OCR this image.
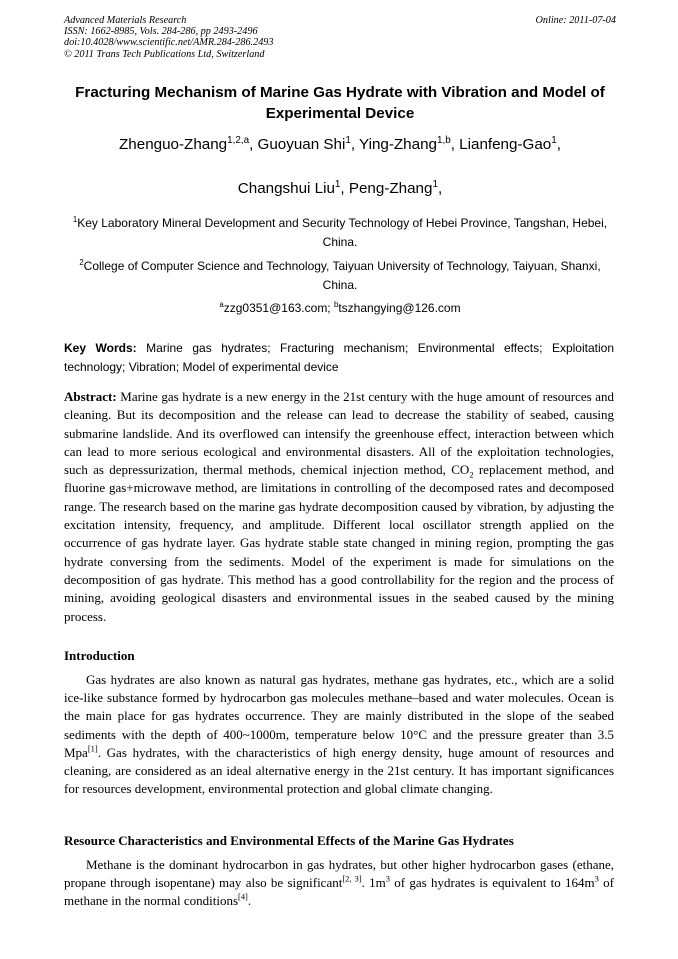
Advanced Materials Research
ISSN: 1662-8985, Vols. 284-286, pp 2493-2496
doi:10.4028/www.scientific.net/AMR.284-286.2493
© 2011 Trans Tech Publications Ltd, Switzerland
Online: 2011-07-04
Fracturing Mechanism of Marine Gas Hydrate with Vibration and Model of Experimental Device
Zhenguo-Zhang$^{1,2,a}$, Guoyuan Shi$^1$, Ying-Zhang$^{1,b}$, Lianfeng-Gao$^1$,
Changshui Liu$^1$, Peng-Zhang$^1$,
$^1$Key Laboratory Mineral Development and Security Technology of Hebei Province, Tangshan, Hebei, China.
$^2$College of Computer Science and Technology, Taiyuan University of Technology, Taiyuan, Shanxi, China.
$^a$zzg0351@163.com; $^b$tszhangying@126.com
Key Words: Marine gas hydrates; Fracturing mechanism; Environmental effects; Exploitation technology; Vibration; Model of experimental device
Abstract: Marine gas hydrate is a new energy in the 21st century with the huge amount of resources and cleaning. But its decomposition and the release can lead to decrease the stability of seabed, causing submarine landslide. And its overflowed can intensify the greenhouse effect, interaction between which can lead to more serious ecological and environmental disasters. All of the exploitation technologies, such as depressurization, thermal methods, chemical injection method, $CO_2$ replacement method, and fluorine gas+microwave method, are limitations in controlling of the decomposed rates and decomposed range. The research based on the marine gas hydrate decomposition caused by vibration, by adjusting the excitation intensity, frequency, and amplitude. Different local oscillator strength applied on the occurrence of gas hydrate layer. Gas hydrate stable state changed in mining region, prompting the gas hydrate conversing from the sediments. Model of the experiment is made for simulations on the decomposition of gas hydrate. This method has a good controllability for the region and the process of mining, avoiding geological disasters and environmental issues in the seabed caused by the mining process.
Introduction
Gas hydrates are also known as natural gas hydrates, methane gas hydrates, etc., which are a solid ice-like substance formed by hydrocarbon gas molecules methane–based and water molecules. Ocean is the main place for gas hydrates occurrence. They are mainly distributed in the slope of the seabed sediments with the depth of 400~1000m, temperature below 10°C and the pressure greater than 3.5 Mpa[1]. Gas hydrates, with the characteristics of high energy density, huge amount of resources and cleaning, are considered as an ideal alternative energy in the 21st century. It has important significances for resources development, environmental protection and global climate changing.
Resource Characteristics and Environmental Effects of the Marine Gas Hydrates
Methane is the dominant hydrocarbon in gas hydrates, but other higher hydrocarbon gases (ethane, propane through isopentane) may also be significant[2, 3]. $1m^3$ of gas hydrates is equivalent to $164m^3$ of methane in the normal conditions[4].
